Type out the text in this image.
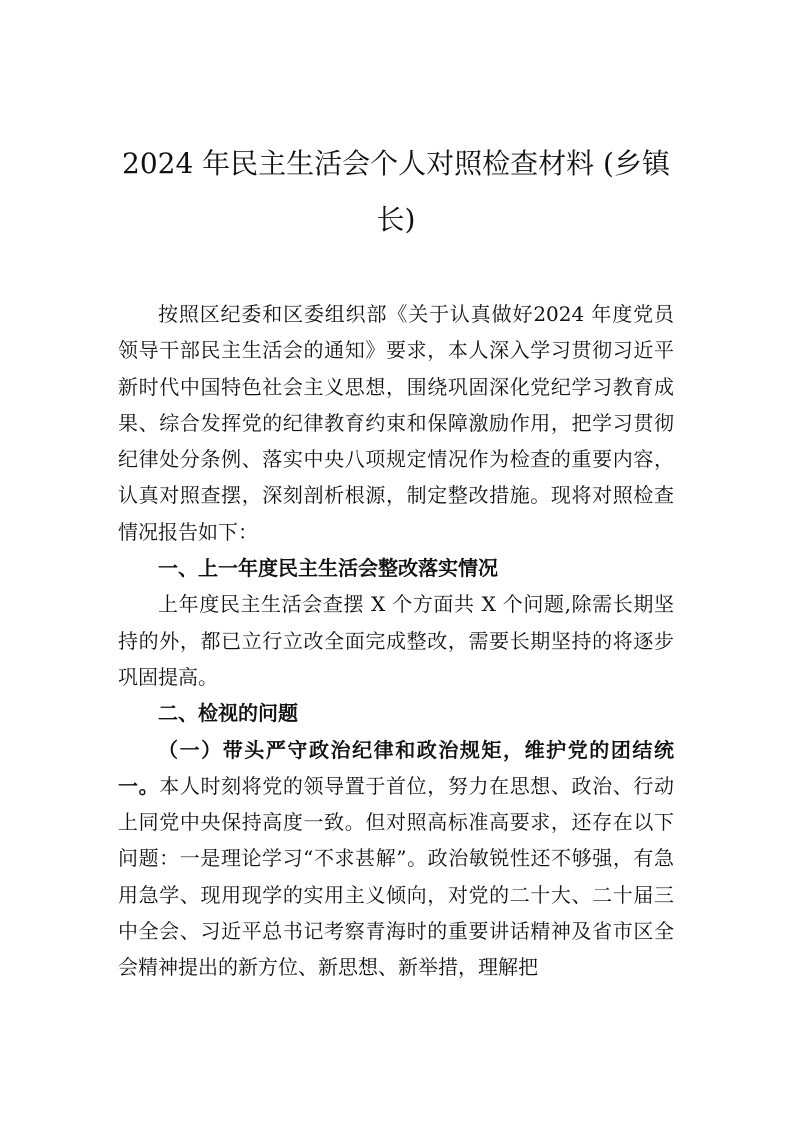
2024 年民主生活会个人对照检查材料 (乡镇长)

按照区纪委和区委组织部《关于认真做好2024 年度党员领导干部民主生活会的通知》要求，本人深入学习贯彻习近平新时代中国特色社会主义思想，围绕巩固深化党纪学习教育成果、综合发挥党的纪律教育约束和保障激励作用，把学习贯彻纪律处分条例、落实中央八项规定情况作为检查的重要内容，认真对照查摆，深刻剖析根源，制定整改措施。现将对照检查情况报告如下：

一、上一年度民主生活会整改落实情况

上年度民主生活会查摆 X 个方面共 X 个问题,除需长期坚持的外，都已立行立改全面完成整改，需要长期坚持的将逐步巩固提高。

二、检视的问题

（一）带头严守政治纪律和政治规矩，维护党的团结统一。本人时刻将党的领导置于首位，努力在思想、政治、行动上同党中央保持高度一致。但对照高标准高要求，还存在以下问题：一是理论学习“不求甚解”。政治敏锐性还不够强，有急用急学、现用现学的实用主义倾向，对党的二十大、二十届三中全会、习近平总书记考察青海时的重要讲话精神及省市区全会精神提出的新方位、新思想、新举措，理解把
